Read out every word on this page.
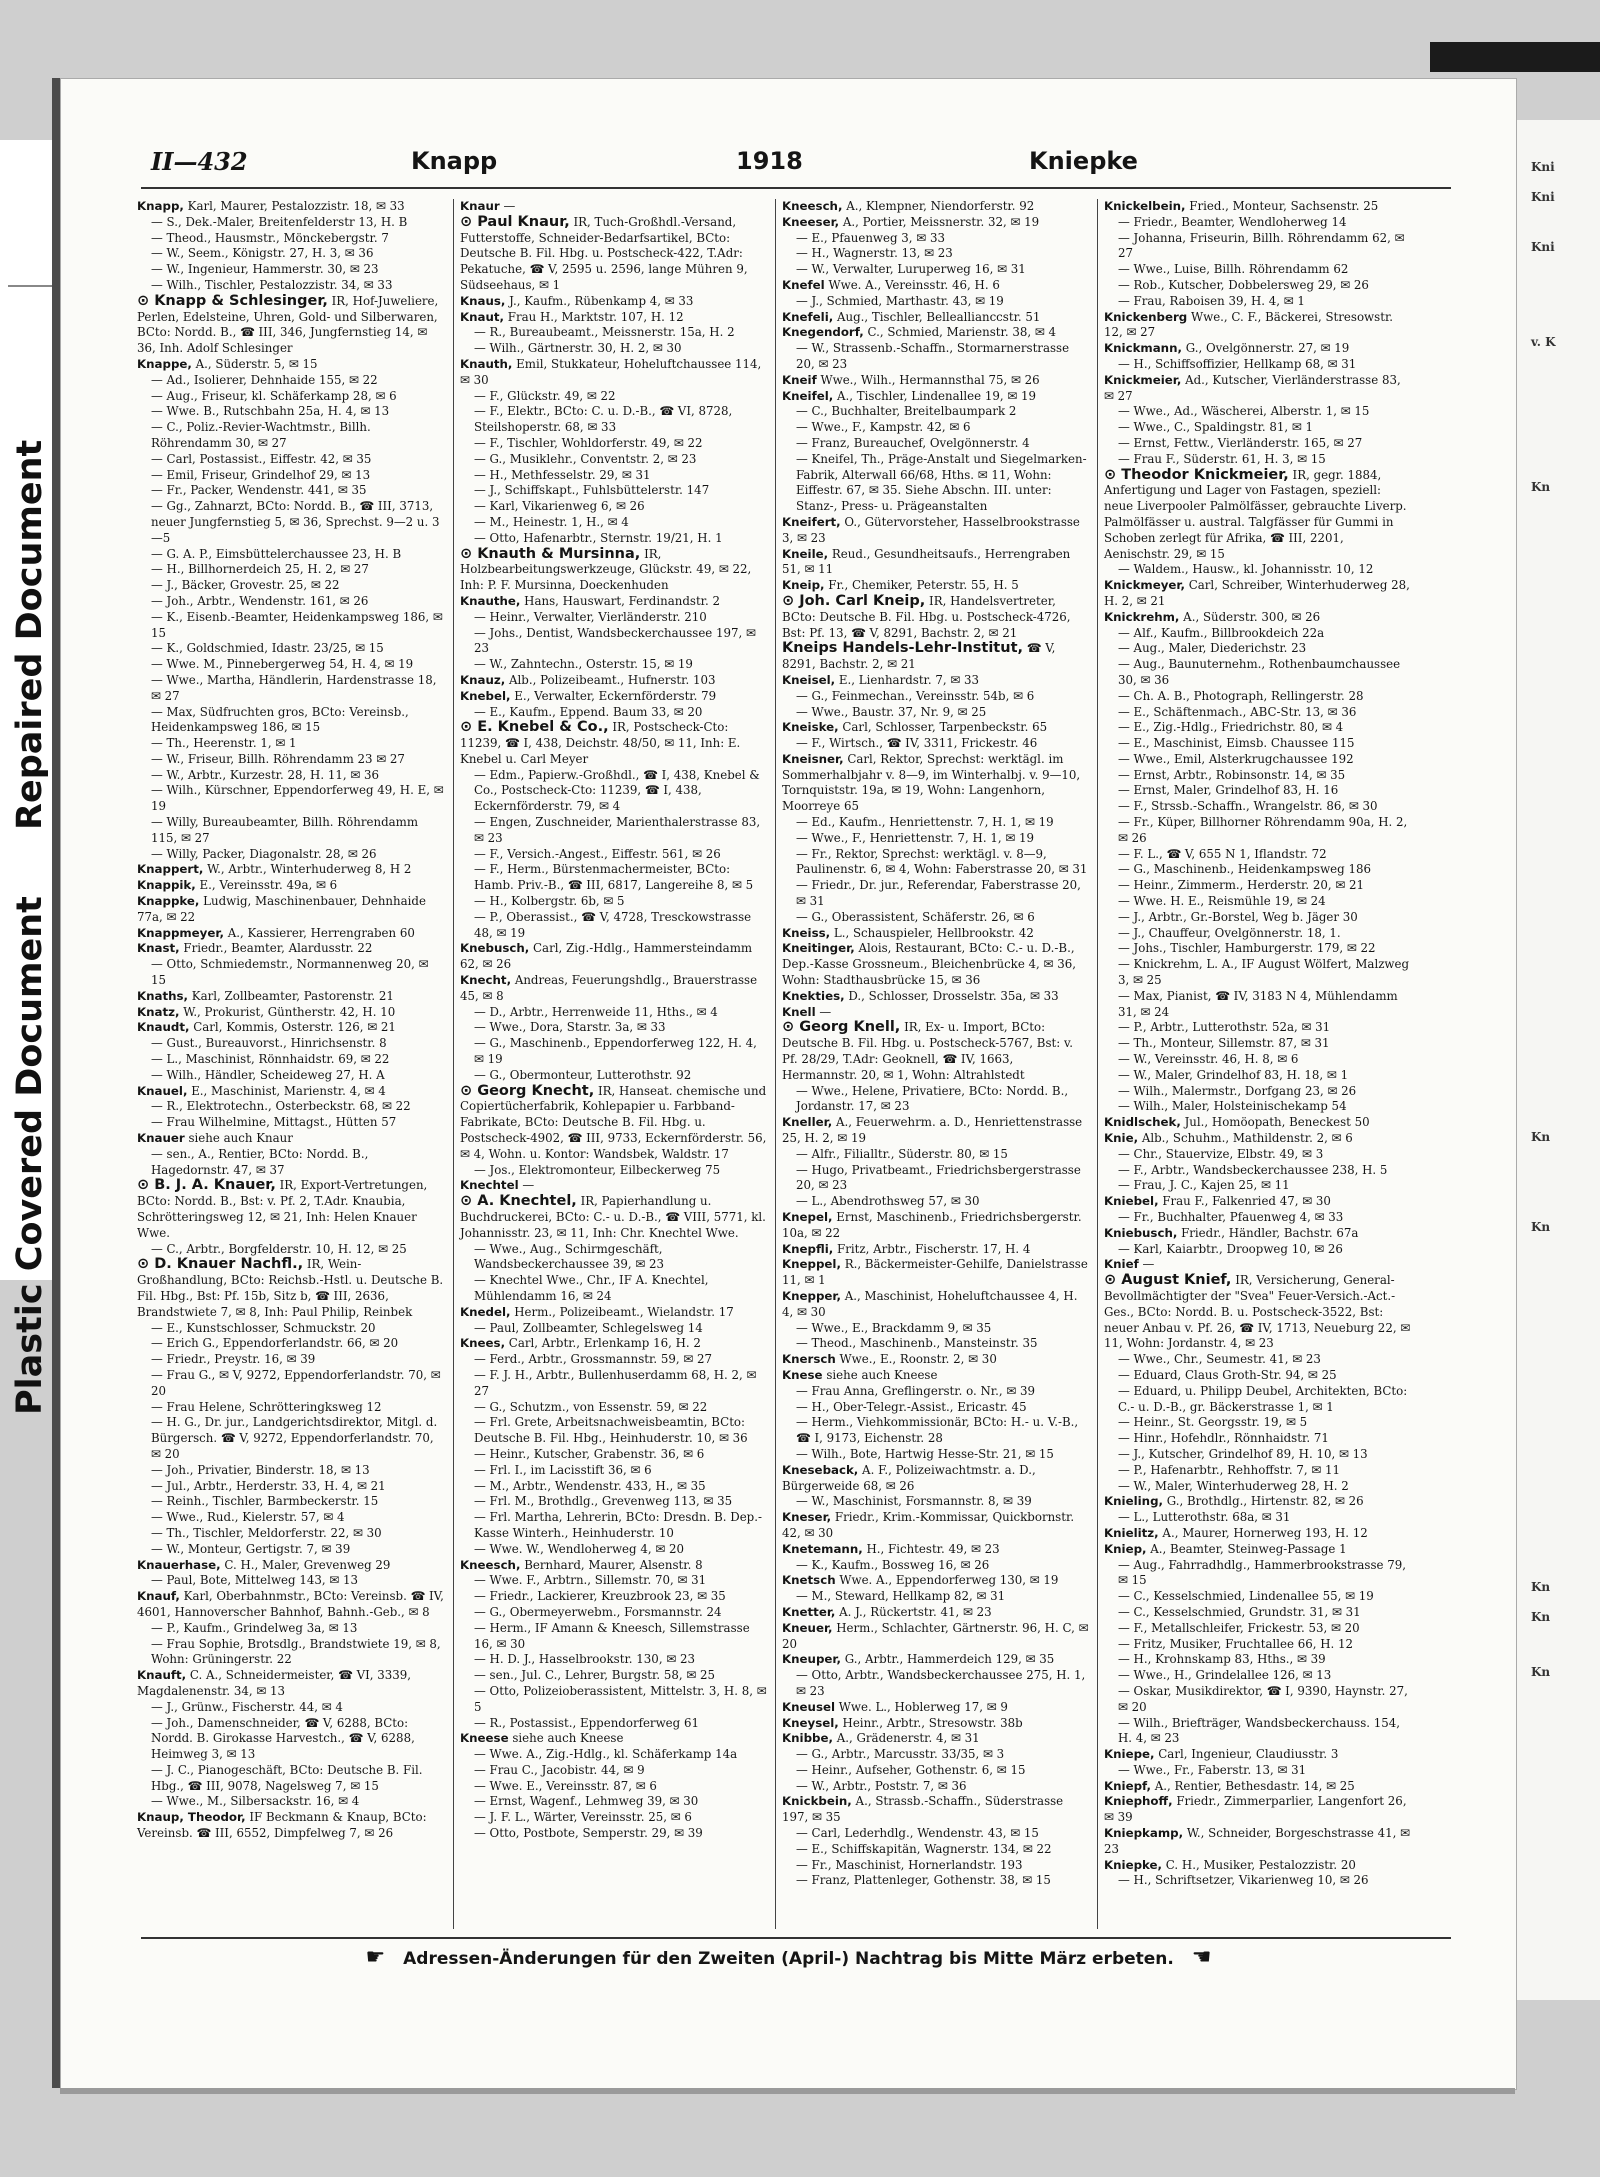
Repaired Document
Plastic Covered Document
Kni
Kni
Kni
v. K
Kn
Kn
Kn
Kn
Kn
Kn
II—432	Knapp	1918	Kniepke

Knapp, Karl, Maurer, Pestalozzistr. 18, ✉ 33

— S., Dek.-Maler, Breitenfelderstr 13, H. B

— Theod., Hausmstr., Mönckebergstr. 7

— W., Seem., Königstr. 27, H. 3, ✉ 36

— W., Ingenieur, Hammerstr. 30, ✉ 23

— Wilh., Tischler, Pestalozzistr. 34, ✉ 33

⊙ Knapp & Schlesinger, IR, Hof-Juweliere, Perlen, Edelsteine, Uhren, Gold- und Silberwaren, BCto: Nordd. B., ☎ III, 346, Jungfernstieg 14, ✉ 36, Inh. Adolf Schlesinger

Knappe, A., Süderstr. 5, ✉ 15

— Ad., Isolierer, Dehnhaide 155, ✉ 22

— Aug., Friseur, kl. Schäferkamp 28, ✉ 6

— Wwe. B., Rutschbahn 25a, H. 4, ✉ 13

— C., Poliz.-Revier-Wachtmstr., Billh. Röhrendamm 30, ✉ 27

— Carl, Postassist., Eiffestr. 42, ✉ 35

— Emil, Friseur, Grindelhof 29, ✉ 13

— Fr., Packer, Wendenstr. 441, ✉ 35

— Gg., Zahnarzt, BCto: Nordd. B., ☎ III, 3713, neuer Jungfernstieg 5, ✉ 36, Sprechst. 9—2 u. 3—5

— G. A. P., Eimsbüttelerchaussee 23, H. B

— H., Billhornerdeich 25, H. 2, ✉ 27

— J., Bäcker, Grovestr. 25, ✉ 22

— Joh., Arbtr., Wendenstr. 161, ✉ 26

— K., Eisenb.-Beamter, Heidenkampsweg 186, ✉ 15

— K., Goldschmied, Idastr. 23/25, ✉ 15

— Wwe. M., Pinnebergerweg 54, H. 4, ✉ 19

— Wwe., Martha, Händlerin, Hardenstrasse 18, ✉ 27

— Max, Südfruchten gros, BCto: Vereinsb., Heidenkampsweg 186, ✉ 15

— Th., Heerenstr. 1, ✉ 1

— W., Friseur, Billh. Röhrendamm 23 ✉ 27

— W., Arbtr., Kurzestr. 28, H. 11, ✉ 36

— Wilh., Kürschner, Eppendorferweg 49, H. E, ✉ 19

— Willy, Bureaubeamter, Billh. Röhrendamm 115, ✉ 27

— Willy, Packer, Diagonalstr. 28, ✉ 26

Knappert, W., Arbtr., Winterhuderweg 8, H 2

Knappik, E., Vereinsstr. 49a, ✉ 6

Knappke, Ludwig, Maschinenbauer, Dehnhaide 77a, ✉ 22

Knappmeyer, A., Kassierer, Herrengraben 60

Knast, Friedr., Beamter, Alardusstr. 22

— Otto, Schmiedemstr., Normannenweg 20, ✉ 15

Knaths, Karl, Zollbeamter, Pastorenstr. 21

Knatz, W., Prokurist, Güntherstr. 42, H. 10

Knaudt, Carl, Kommis, Osterstr. 126, ✉ 21

— Gust., Bureauvorst., Hinrichsenstr. 8

— L., Maschinist, Rönnhaidstr. 69, ✉ 22

— Wilh., Händler, Scheideweg 27, H. A

Knauel, E., Maschinist, Marienstr. 4, ✉ 4

— R., Elektrotechn., Osterbeckstr. 68, ✉ 22

— Frau Wilhelmine, Mittagst., Hütten 57

Knauer siehe auch Knaur

— sen., A., Rentier, BCto: Nordd. B., Hagedornstr. 47, ✉ 37

⊙ B. J. A. Knauer, IR, Export-Vertretungen, BCto: Nordd. B., Bst: v. Pf. 2, T.Adr. Knaubia, Schrötteringsweg 12, ✉ 21, Inh: Helen Knauer Wwe.

— C., Arbtr., Borgfelderstr. 10, H. 12, ✉ 25

⊙ D. Knauer Nachfl., IR, Wein-Großhandlung, BCto: Reichsb.-Hstl. u. Deutsche B. Fil. Hbg., Bst: Pf. 15b, Sitz b, ☎ III, 2636, Brandstwiete 7, ✉ 8, Inh: Paul Philip, Reinbek

— E., Kunstschlosser, Schmuckstr. 20

— Erich G., Eppendorferlandstr. 66, ✉ 20

— Friedr., Preystr. 16, ✉ 39

— Frau G., ✉ V, 9272, Eppendorferlandstr. 70, ✉ 20

— Frau Helene, Schrötteringksweg 12

— H. G., Dr. jur., Landgerichtsdirektor, Mitgl. d. Bürgersch. ☎ V, 9272, Eppendorferlandstr. 70, ✉ 20

— Joh., Privatier, Binderstr. 18, ✉ 13

— Jul., Arbtr., Herderstr. 33, H. 4, ✉ 21

— Reinh., Tischler, Barmbeckerstr. 15

— Wwe., Rud., Kielerstr. 57, ✉ 4

— Th., Tischler, Meldorferstr. 22, ✉ 30

— W., Monteur, Gertigstr. 7, ✉ 39

Knauerhase, C. H., Maler, Grevenweg 29

— Paul, Bote, Mittelweg 143, ✉ 13

Knauf, Karl, Oberbahnmstr., BCto: Vereinsb. ☎ IV, 4601, Hannoverscher Bahnhof, Bahnh.-Geb., ✉ 8

— P., Kaufm., Grindelweg 3a, ✉ 13

— Frau Sophie, Brotsdlg., Brandstwiete 19, ✉ 8, Wohn: Grüningerstr. 22

Knauft, C. A., Schneidermeister, ☎ VI, 3339, Magdalenenstr. 34, ✉ 13

— J., Grünw., Fischerstr. 44, ✉ 4

— Joh., Damenschneider, ☎ V, 6288, BCto: Nordd. B. Girokasse Harvestch., ☎ V, 6288, Heimweg 3, ✉ 13

— J. C., Pianogeschäft, BCto: Deutsche B. Fil. Hbg., ☎ III, 9078, Nagelsweg 7, ✉ 15

— Wwe., M., Silbersackstr. 16, ✉ 4

Knaup, Theodor, IF Beckmann & Knaup, BCto: Vereinsb. ☎ III, 6552, Dimpfelweg 7, ✉ 26

Knaur —

⊙ Paul Knaur, IR, Tuch-Großhdl.-Versand, Futterstoffe, Schneider-Bedarfsartikel, BCto: Deutsche B. Fil. Hbg. u. Postscheck-422, T.Adr: Pekatuche, ☎ V, 2595 u. 2596, lange Mühren 9, Südseehaus, ✉ 1

Knaus, J., Kaufm., Rübenkamp 4, ✉ 33

Knaut, Frau H., Marktstr. 107, H. 12

— R., Bureaubeamt., Meissnerstr. 15a, H. 2

— Wilh., Gärtnerstr. 30, H. 2, ✉ 30

Knauth, Emil, Stukkateur, Hoheluftchaussee 114, ✉ 30

— F., Glückstr. 49, ✉ 22

— F., Elektr., BCto: C. u. D.-B., ☎ VI, 8728, Steilshoperstr. 68, ✉ 33

— F., Tischler, Wohldorferstr. 49, ✉ 22

— G., Musiklehr., Conventstr. 2, ✉ 23

— H., Methfesselstr. 29, ✉ 31

— J., Schiffskapt., Fuhlsbüttelerstr. 147

— Karl, Vikarienweg 6, ✉ 26

— M., Heinestr. 1, H., ✉ 4

— Otto, Hafenarbtr., Sternstr. 19/21, H. 1

⊙ Knauth & Mursinna, IR, Holzbearbeitungswerkzeuge, Glückstr. 49, ✉ 22, Inh: P. F. Mursinna, Doeckenhuden

Knauthe, Hans, Hauswart, Ferdinandstr. 2

— Heinr., Verwalter, Vierländerstr. 210

— Johs., Dentist, Wandsbeckerchaussee 197, ✉ 23

— W., Zahntechn., Osterstr. 15, ✉ 19

Knauz, Alb., Polizeibeamt., Hufnerstr. 103

Knebel, E., Verwalter, Eckernförderstr. 79

— E., Kaufm., Eppend. Baum 33, ✉ 20

⊙ E. Knebel & Co., IR, Postscheck-Cto: 11239, ☎ I, 438, Deichstr. 48/50, ✉ 11, Inh: E. Knebel u. Carl Meyer

— Edm., Papierw.-Großhdl., ☎ I, 438, Knebel & Co., Postscheck-Cto: 11239, ☎ I, 438, Eckernförderstr. 79, ✉ 4

— Engen, Zuschneider, Marienthalerstrasse 83, ✉ 23

— F., Versich.-Angest., Eiffestr. 561, ✉ 26

— F., Herm., Bürstenmachermeister, BCto: Hamb. Priv.-B., ☎ III, 6817, Langereihe 8, ✉ 5

— H., Kolbergstr. 6b, ✉ 5

— P., Oberassist., ☎ V, 4728, Tresckowstrasse 48, ✉ 19

Knebusch, Carl, Zig.-Hdlg., Hammersteindamm 62, ✉ 26

Knecht, Andreas, Feuerungshdlg., Brauerstrasse 45, ✉ 8

— D., Arbtr., Herrenweide 11, Hths., ✉ 4

— Wwe., Dora, Starstr. 3a, ✉ 33

— G., Maschinenb., Eppendorferweg 122, H. 4, ✉ 19

— G., Obermonteur, Lutterothstr. 92

⊙ Georg Knecht, IR, Hanseat. chemische und Copiertücherfabrik, Kohlepapier u. Farbband-Fabrikate, BCto: Deutsche B. Fil. Hbg. u. Postscheck-4902, ☎ III, 9733, Eckernförderstr. 56, ✉ 4, Wohn. u. Kontor: Wandsbek, Waldstr. 17

— Jos., Elektromonteur, Eilbeckerweg 75

Knechtel —

⊙ A. Knechtel, IR, Papierhandlung u. Buchdruckerei, BCto: C.- u. D.-B., ☎ VIII, 5771, kl. Johannisstr. 23, ✉ 11, Inh: Chr. Knechtel Wwe.

— Wwe., Aug., Schirmgeschäft, Wandsbeckerchaussee 39, ✉ 23

— Knechtel Wwe., Chr., IF A. Knechtel, Mühlendamm 16, ✉ 24

Knedel, Herm., Polizeibeamt., Wielandstr. 17

— Paul, Zollbeamter, Schlegelsweg 14

Knees, Carl, Arbtr., Erlenkamp 16, H. 2

— Ferd., Arbtr., Grossmannstr. 59, ✉ 27

— F. J. H., Arbtr., Bullenhuserdamm 68, H. 2, ✉ 27

— G., Schutzm., von Essenstr. 59, ✉ 22

— Frl. Grete, Arbeitsnachweisbeamtin, BCto: Deutsche B. Fil. Hbg., Heinhuderstr. 10, ✉ 36

— Heinr., Kutscher, Grabenstr. 36, ✉ 6

— Frl. I., im Lacisstift 36, ✉ 6

— M., Arbtr., Wendenstr. 433, H., ✉ 35

— Frl. M., Brothdlg., Grevenweg 113, ✉ 35

— Frl. Martha, Lehrerin, BCto: Dresdn. B. Dep.-Kasse Winterh., Heinhuderstr. 10

— Wwe. W., Wendloherweg 4, ✉ 20

Kneesch, Bernhard, Maurer, Alsenstr. 8

— Wwe. F., Arbtrn., Sillemstr. 70, ✉ 31

— Friedr., Lackierer, Kreuzbrook 23, ✉ 35

— G., Obermeyerwebm., Forsmannstr. 24

— Herm., IF Amann & Kneesch, Sillemstrasse 16, ✉ 30

— H. D. J., Hasselbrookstr. 130, ✉ 23

— sen., Jul. C., Lehrer, Burgstr. 58, ✉ 25

— Otto, Polizeioberassistent, Mittelstr. 3, H. 8, ✉ 5

— R., Postassist., Eppendorferweg 61

Kneese siehe auch Kneese

— Wwe. A., Zig.-Hdlg., kl. Schäferkamp 14a

— Frau C., Jacobistr. 44, ✉ 9

— Wwe. E., Vereinsstr. 87, ✉ 6

— Ernst, Wagenf., Lehmweg 39, ✉ 30

— J. F. L., Wärter, Vereinsstr. 25, ✉ 6

— Otto, Postbote, Semperstr. 29, ✉ 39

Kneesch, A., Klempner, Niendorferstr. 92

Kneeser, A., Portier, Meissnerstr. 32, ✉ 19

— E., Pfauenweg 3, ✉ 33

— H., Wagnerstr. 13, ✉ 23

— W., Verwalter, Luruperweg 16, ✉ 31

Knefel Wwe. A., Vereinsstr. 46, H. 6

— J., Schmied, Marthastr. 43, ✉ 19

Knefeli, Aug., Tischler, Belleallianccstr. 51

Knegendorf, C., Schmied, Marienstr. 38, ✉ 4

— W., Strassenb.-Schaffn., Stormarnerstrasse 20, ✉ 23

Kneif Wwe., Wilh., Hermannsthal 75, ✉ 26

Kneifel, A., Tischler, Lindenallee 19, ✉ 19

— C., Buchhalter, Breitelbaumpark 2

— Wwe., F., Kampstr. 42, ✉ 6

— Franz, Bureauchef, Ovelgönnerstr. 4

— Kneifel, Th., Präge-Anstalt und Siegelmarken-Fabrik, Alterwall 66/68, Hths. ✉ 11, Wohn: Eiffestr. 67, ✉ 35. Siehe Abschn. III. unter: Stanz-, Press- u. Prägeanstalten

Kneifert, O., Gütervorsteher, Hasselbrookstrasse 3, ✉ 23

Kneile, Reud., Gesundheitsaufs., Herrengraben 51, ✉ 11

Kneip, Fr., Chemiker, Peterstr. 55, H. 5

⊙ Joh. Carl Kneip, IR, Handelsvertreter, BCto: Deutsche B. Fil. Hbg. u. Postscheck-4726, Bst: Pf. 13, ☎ V, 8291, Bachstr. 2, ✉ 21

Kneips Handels-Lehr-Institut, ☎ V, 8291, Bachstr. 2, ✉ 21

Kneisel, E., Lienhardstr. 7, ✉ 33

— G., Feinmechan., Vereinsstr. 54b, ✉ 6

— Wwe., Baustr. 37, Nr. 9, ✉ 25

Kneiske, Carl, Schlosser, Tarpenbeckstr. 65

— F., Wirtsch., ☎ IV, 3311, Frickestr. 46

Kneisner, Carl, Rektor, Sprechst: werktägl. im Sommerhalbjahr v. 8—9, im Winterhalbj. v. 9—10, Tornquiststr. 19a, ✉ 19, Wohn: Langenhorn, Moorreye 65

— Ed., Kaufm., Henriettenstr. 7, H. 1, ✉ 19

— Wwe., F., Henriettenstr. 7, H. 1, ✉ 19

— Fr., Rektor, Sprechst: werktägl. v. 8—9, Paulinenstr. 6, ✉ 4, Wohn: Faberstrasse 20, ✉ 31

— Friedr., Dr. jur., Referendar, Faberstrasse 20, ✉ 31

— G., Oberassistent, Schäferstr. 26, ✉ 6

Kneiss, L., Schauspieler, Hellbrookstr. 42

Kneitinger, Alois, Restaurant, BCto: C.- u. D.-B., Dep.-Kasse Grossneum., Bleichenbrücke 4, ✉ 36, Wohn: Stadthausbrücke 15, ✉ 36

Knekties, D., Schlosser, Drosselstr. 35a, ✉ 33

Knell —

⊙ Georg Knell, IR, Ex- u. Import, BCto: Deutsche B. Fil. Hbg. u. Postscheck-5767, Bst: v. Pf. 28/29, T.Adr: Geoknell, ☎ IV, 1663, Hermannstr. 20, ✉ 1, Wohn: Altrahlstedt

— Wwe., Helene, Privatiere, BCto: Nordd. B., Jordanstr. 17, ✉ 23

Kneller, A., Feuerwehrm. a. D., Henriettenstrasse 25, H. 2, ✉ 19

— Alfr., Filialltr., Süderstr. 80, ✉ 15

— Hugo, Privatbeamt., Friedrichsbergerstrasse 20, ✉ 23

— L., Abendrothsweg 57, ✉ 30

Knepel, Ernst, Maschinenb., Friedrichsbergerstr. 10a, ✉ 22

Knepfli, Fritz, Arbtr., Fischerstr. 17, H. 4

Kneppel, R., Bäckermeister-Gehilfe, Danielstrasse 11, ✉ 1

Knepper, A., Maschinist, Hoheluftchaussee 4, H. 4, ✉ 30

— Wwe., E., Brackdamm 9, ✉ 35

— Theod., Maschinenb., Mansteinstr. 35

Knersch Wwe., E., Roonstr. 2, ✉ 30

Knese siehe auch Kneese

— Frau Anna, Greflingerstr. o. Nr., ✉ 39

— H., Ober-Telegr.-Assist., Ericastr. 45

— Herm., Viehkommissionär, BCto: H.- u. V.-B., ☎ I, 9173, Eichenstr. 28

— Wilh., Bote, Hartwig Hesse-Str. 21, ✉ 15

Kneseback, A. F., Polizeiwachtmstr. a. D., Bürgerweide 68, ✉ 26

— W., Maschinist, Forsmannstr. 8, ✉ 39

Kneser, Friedr., Krim.-Kommissar, Quickbornstr. 42, ✉ 30

Knetemann, H., Fichtestr. 49, ✉ 23

— K., Kaufm., Bossweg 16, ✉ 26

Knetsch Wwe. A., Eppendorferweg 130, ✉ 19

— M., Steward, Hellkamp 82, ✉ 31

Knetter, A. J., Rückertstr. 41, ✉ 23

Kneuer, Herm., Schlachter, Gärtnerstr. 96, H. C, ✉ 20

Kneuper, G., Arbtr., Hammerdeich 129, ✉ 35

— Otto, Arbtr., Wandsbeckerchaussee 275, H. 1, ✉ 23

Kneusel Wwe. L., Hoblerweg 17, ✉ 9

Kneysel, Heinr., Arbtr., Stresowstr. 38b

Knibbe, A., Grädenerstr. 4, ✉ 31

— G., Arbtr., Marcusstr. 33/35, ✉ 3

— Heinr., Aufseher, Gothenstr. 6, ✉ 15

— W., Arbtr., Poststr. 7, ✉ 36

Knickbein, A., Strassb.-Schaffn., Süderstrasse 197, ✉ 35

— Carl, Lederhdlg., Wendenstr. 43, ✉ 15

— E., Schiffskapitän, Wagnerstr. 134, ✉ 22

— Fr., Maschinist, Hornerlandstr. 193

— Franz, Plattenleger, Gothenstr. 38, ✉ 15

Knickelbein, Fried., Monteur, Sachsenstr. 25

— Friedr., Beamter, Wendloherweg 14

— Johanna, Friseurin, Billh. Röhrendamm 62, ✉ 27

— Wwe., Luise, Billh. Röhrendamm 62

— Rob., Kutscher, Dobbelersweg 29, ✉ 26

— Frau, Raboisen 39, H. 4, ✉ 1

Knickenberg Wwe., C. F., Bäckerei, Stresowstr. 12, ✉ 27

Knickmann, G., Ovelgönnerstr. 27, ✉ 19

— H., Schiffsoffizier, Hellkamp 68, ✉ 31

Knickmeier, Ad., Kutscher, Vierländerstrasse 83, ✉ 27

— Wwe., Ad., Wäscherei, Alberstr. 1, ✉ 15

— Wwe., C., Spaldingstr. 81, ✉ 1

— Ernst, Fettw., Vierländerstr. 165, ✉ 27

— Frau F., Süderstr. 61, H. 3, ✉ 15

⊙ Theodor Knickmeier, IR, gegr. 1884, Anfertigung und Lager von Fastagen, speziell: neue Liverpooler Palmölfässer, gebrauchte Liverp. Palmölfässer u. austral. Talgfässer für Gummi in Schoben zerlegt für Afrika, ☎ III, 2201, Aenischstr. 29, ✉ 15

— Waldem., Hausw., kl. Johannisstr. 10, 12

Knickmeyer, Carl, Schreiber, Winterhuderweg 28, H. 2, ✉ 21

Knickrehm, A., Süderstr. 300, ✉ 26

— Alf., Kaufm., Billbrookdeich 22a

— Aug., Maler, Diederichstr. 23

— Aug., Baunuternehm., Rothenbaumchaussee 30, ✉ 36

— Ch. A. B., Photograph, Rellingerstr. 28

— E., Schäftenmach., ABC-Str. 13, ✉ 36

— E., Zig.-Hdlg., Friedrichstr. 80, ✉ 4

— E., Maschinist, Eimsb. Chaussee 115

— Wwe., Emil, Alsterkrugchaussee 192

— Ernst, Arbtr., Robinsonstr. 14, ✉ 35

— Ernst, Maler, Grindelhof 83, H. 16

— F., Strssb.-Schaffn., Wrangelstr. 86, ✉ 30

— Fr., Küper, Billhorner Röhrendamm 90a, H. 2, ✉ 26

— F. L., ☎ V, 655 N 1, Iflandstr. 72

— G., Maschinenb., Heidenkampsweg 186

— Heinr., Zimmerm., Herderstr. 20, ✉ 21

— Wwe. H. E., Reismühle 19, ✉ 24

— J., Arbtr., Gr.-Borstel, Weg b. Jäger 30

— J., Chauffeur, Ovelgönnerstr. 18, 1.

— Johs., Tischler, Hamburgerstr. 179, ✉ 22

— Knickrehm, L. A., IF August Wölfert, Malzweg 3, ✉ 25

— Max, Pianist, ☎ IV, 3183 N 4, Mühlendamm 31, ✉ 24

— P., Arbtr., Lutterothstr. 52a, ✉ 31

— Th., Monteur, Sillemstr. 87, ✉ 31

— W., Vereinsstr. 46, H. 8, ✉ 6

— W., Maler, Grindelhof 83, H. 18, ✉ 1

— Wilh., Malermstr., Dorfgang 23, ✉ 26

— Wilh., Maler, Holsteinischekamp 54

Knidlschek, Jul., Homöopath, Beneckest 50

Knie, Alb., Schuhm., Mathildenstr. 2, ✉ 6

— Chr., Stauervize, Elbstr. 49, ✉ 3

— F., Arbtr., Wandsbeckerchaussee 238, H. 5

— Frau, J. C., Kajen 25, ✉ 11

Kniebel, Frau F., Falkenried 47, ✉ 30

— Fr., Buchhalter, Pfauenweg 4, ✉ 33

Kniebusch, Friedr., Händler, Bachstr. 67a

— Karl, Kaiarbtr., Droopweg 10, ✉ 26

Knief —

⊙ August Knief, IR, Versicherung, General-Bevollmächtigter der "Svea" Feuer-Versich.-Act.-Ges., BCto: Nordd. B. u. Postscheck-3522, Bst: neuer Anbau v. Pf. 26, ☎ IV, 1713, Neueburg 22, ✉ 11, Wohn: Jordanstr. 4, ✉ 23

— Wwe., Chr., Seumestr. 41, ✉ 23

— Eduard, Claus Groth-Str. 94, ✉ 25

— Eduard, u. Philipp Deubel, Architekten, BCto: C.- u. D.-B., gr. Bäckerstrasse 1, ✉ 1

— Heinr., St. Georgsstr. 19, ✉ 5

— Hinr., Hofehdlr., Rönnhaidstr. 71

— J., Kutscher, Grindelhof 89, H. 10, ✉ 13

— P., Hafenarbtr., Rehhoffstr. 7, ✉ 11

— W., Maler, Winterhuderweg 28, H. 2

Knieling, G., Brothdlg., Hirtenstr. 82, ✉ 26

— L., Lutterothstr. 68a, ✉ 31

Knielitz, A., Maurer, Hornerweg 193, H. 12

Kniep, A., Beamter, Steinweg-Passage 1

— Aug., Fahrradhdlg., Hammerbrookstrasse 79, ✉ 15

— C., Kesselschmied, Lindenallee 55, ✉ 19

— C., Kesselschmied, Grundstr. 31, ✉ 31

— F., Metallschleifer, Frickestr. 53, ✉ 20

— Fritz, Musiker, Fruchtallee 66, H. 12

— H., Krohnskamp 83, Hths., ✉ 39

— Wwe., H., Grindelallee 126, ✉ 13

— Oskar, Musikdirektor, ☎ I, 9390, Haynstr. 27, ✉ 20

— Wilh., Briefträger, Wandsbeckerchauss. 154, H. 4, ✉ 23

Kniepe, Carl, Ingenieur, Claudiusstr. 3

— Wwe., Fr., Faberstr. 13, ✉ 31

Kniepf, A., Rentier, Bethesdastr. 14, ✉ 25

Kniephoff, Friedr., Zimmerparlier, Langenfort 26, ✉ 39

Kniepkamp, W., Schneider, Borgeschstrasse 41, ✉ 23

Kniepke, C. H., Musiker, Pestalozzistr. 20

— H., Schriftsetzer, Vikarienweg 10, ✉ 26

☛ Adressen-Änderungen für den Zweiten (April-) Nachtrag bis Mitte März erbeten. ☚
